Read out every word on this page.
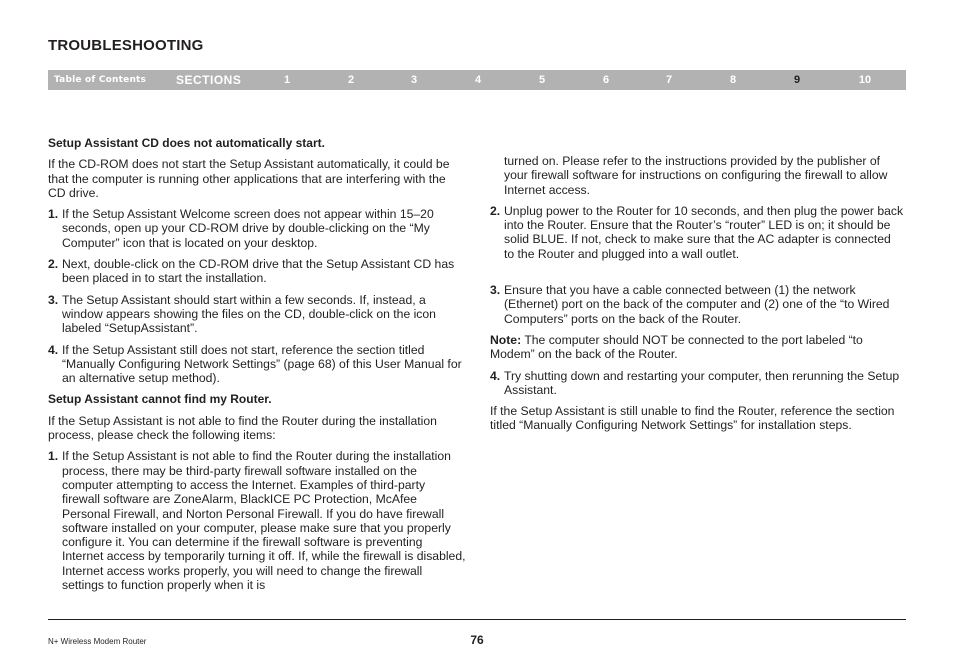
TROUBLESHOOTING
Table of Contents SECTIONS	1	2	3	4	5	6	7	8	9	10
Setup Assistant CD does not automatically start.
If the CD-ROM does not start the Setup Assistant automatically, it could be that the computer is running other applications that are interfering with the CD drive.
1. If the Setup Assistant Welcome screen does not appear within 15–20 seconds, open up your CD-ROM drive by double-clicking on the “My Computer” icon that is located on your desktop.
2. Next, double-click on the CD-ROM drive that the Setup Assistant CD has been placed in to start the installation.
3. The Setup Assistant should start within a few seconds. If, instead, a window appears showing the files on the CD, double-click on the icon labeled “SetupAssistant”.
4. If the Setup Assistant still does not start, reference the section titled “Manually Configuring Network Settings” (page 68) of this User Manual for an alternative setup method).
Setup Assistant cannot find my Router.
If the Setup Assistant is not able to find the Router during the installation process, please check the following items:
1. If the Setup Assistant is not able to find the Router during the installation process, there may be third-party firewall software installed on the computer attempting to access the Internet. Examples of third-party firewall software are ZoneAlarm, BlackICE PC Protection, McAfee Personal Firewall, and Norton Personal Firewall. If you do have firewall software installed on your computer, please make sure that you properly configure it. You can determine if the firewall software is preventing Internet access by temporarily turning it off. If, while the firewall is disabled, Internet access works properly, you will need to change the firewall settings to function properly when it is
turned on. Please refer to the instructions provided by the publisher of your firewall software for instructions on configuring the firewall to allow Internet access.
2. Unplug power to the Router for 10 seconds, and then plug the power back into the Router. Ensure that the Router’s “router” LED is on; it should be solid BLUE. If not, check to make sure that the AC adapter is connected to the Router and plugged into a wall outlet.
3. Ensure that you have a cable connected between (1) the network (Ethernet) port on the back of the computer and (2) one of the “to Wired Computers” ports on the back of the Router.
Note: The computer should NOT be connected to the port labeled “to Modem” on the back of the Router.
4. Try shutting down and restarting your computer, then rerunning the Setup Assistant.
If the Setup Assistant is still unable to find the Router, reference the section titled “Manually Configuring Network Settings” for installation steps.
N+ Wireless Modem Router	76
